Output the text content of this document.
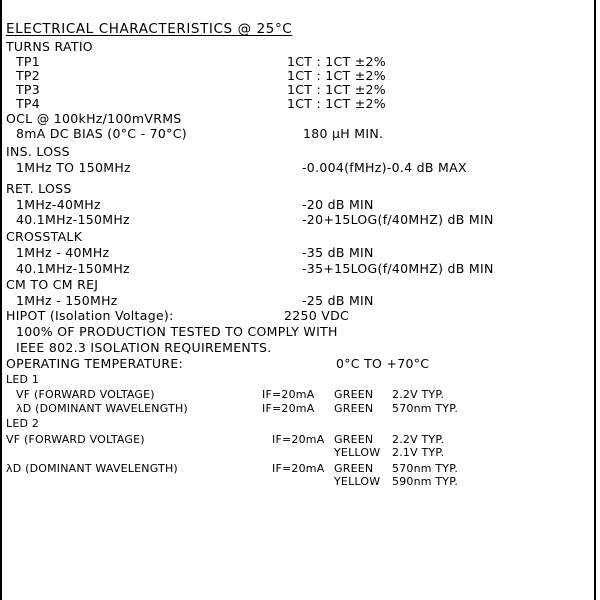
ELECTRICAL CHARACTERISTICS @ 25°C
TURNS RATIO
TP1	1CT : 1CT ±2%
TP2	1CT : 1CT ±2%
TP3	1CT : 1CT ±2%
TP4	1CT : 1CT ±2%
OCL @ 100kHz/100mVRMS
8mA DC BIAS (0°C - 70°C)	180 µH MIN.
INS. LOSS
1MHz TO 150MHz	-0.004(fMHz)-0.4 dB MAX
RET. LOSS
1MHz-40MHz	-20 dB MIN
40.1MHz-150MHz	-20+15LOG(f/40MHZ) dB MIN
CROSSTALK
1MHz - 40MHz	-35 dB MIN
40.1MHz-150MHz	-35+15LOG(f/40MHZ) dB MIN
CM TO CM REJ
1MHz - 150MHz	-25 dB MIN
HIPOT (Isolation Voltage):	2250 VDC
100% OF PRODUCTION TESTED TO COMPLY WITH
IEEE 802.3 ISOLATION REQUIREMENTS.
OPERATING TEMPERATURE:	0°C TO +70°C
LED 1
VF (FORWARD VOLTAGE)	IF=20mA GREEN 2.2V TYP.
λD (DOMINANT WAVELENGTH)	IF=20mA GREEN 570nm TYP.
LED 2
VF (FORWARD VOLTAGE)	IF=20mA GREEN 2.2V TYP.
YELLOW 2.1V TYP.
λD (DOMINANT WAVELENGTH)	IF=20mA GREEN 570nm TYP.
YELLOW 590nm TYP.
